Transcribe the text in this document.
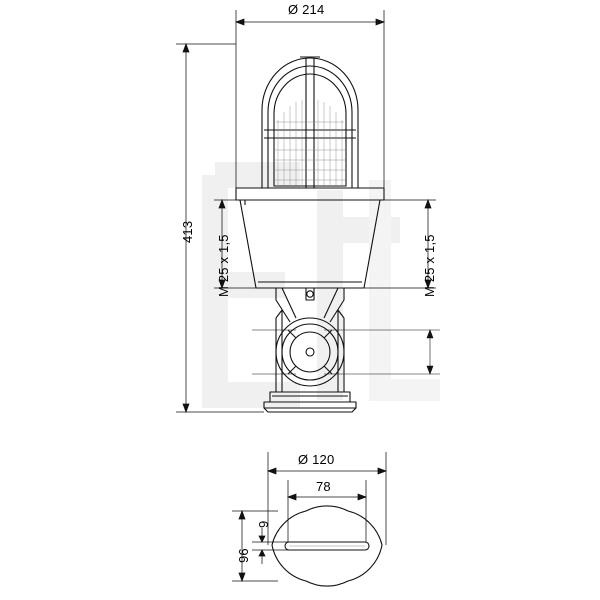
Ø 214
413
M 25 x 1,5	M 25 x 1,5
Ø 120
78
9
96
